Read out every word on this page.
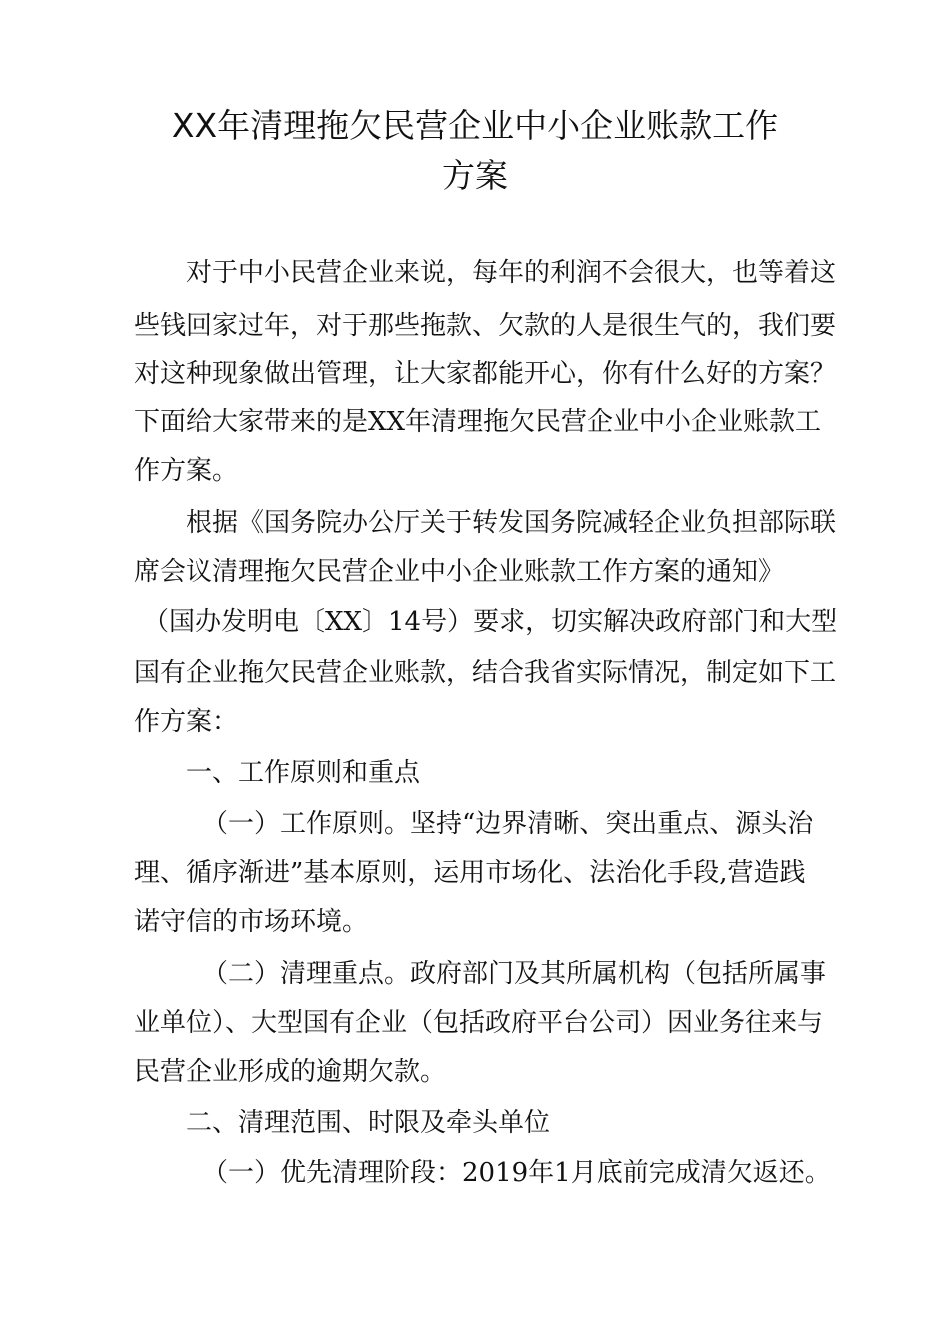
XX年清理拖欠民营企业中小企业账款工作
方案
对于中小民营企业来说，每年的利润不会很大，也等着这
些钱回家过年，对于那些拖款、欠款的人是很生气的，我们要
对这种现象做出管理，让大家都能开心，你有什么好的方案？
下面给大家带来的是XX年清理拖欠民营企业中小企业账款工
作方案。
根据《国务院办公厅关于转发国务院减轻企业负担部际联
席会议清理拖欠民营企业中小企业账款工作方案的通知》
（国办发明电〔XX〕14号）要求，切实解决政府部门和大型
国有企业拖欠民营企业账款，结合我省实际情况，制定如下工
作方案：
一、工作原则和重点
（一）工作原则。坚持“边界清晰、突出重点、源头治
理、循序渐进”基本原则，运用市场化、法治化手段,营造践
诺守信的市场环境。
（二）清理重点。政府部门及其所属机构（包括所属事
业单位）、大型国有企业（包括政府平台公司）因业务往来与
民营企业形成的逾期欠款。
二、清理范围、时限及牵头单位
（一）优先清理阶段：2019年1月底前完成清欠返还。
